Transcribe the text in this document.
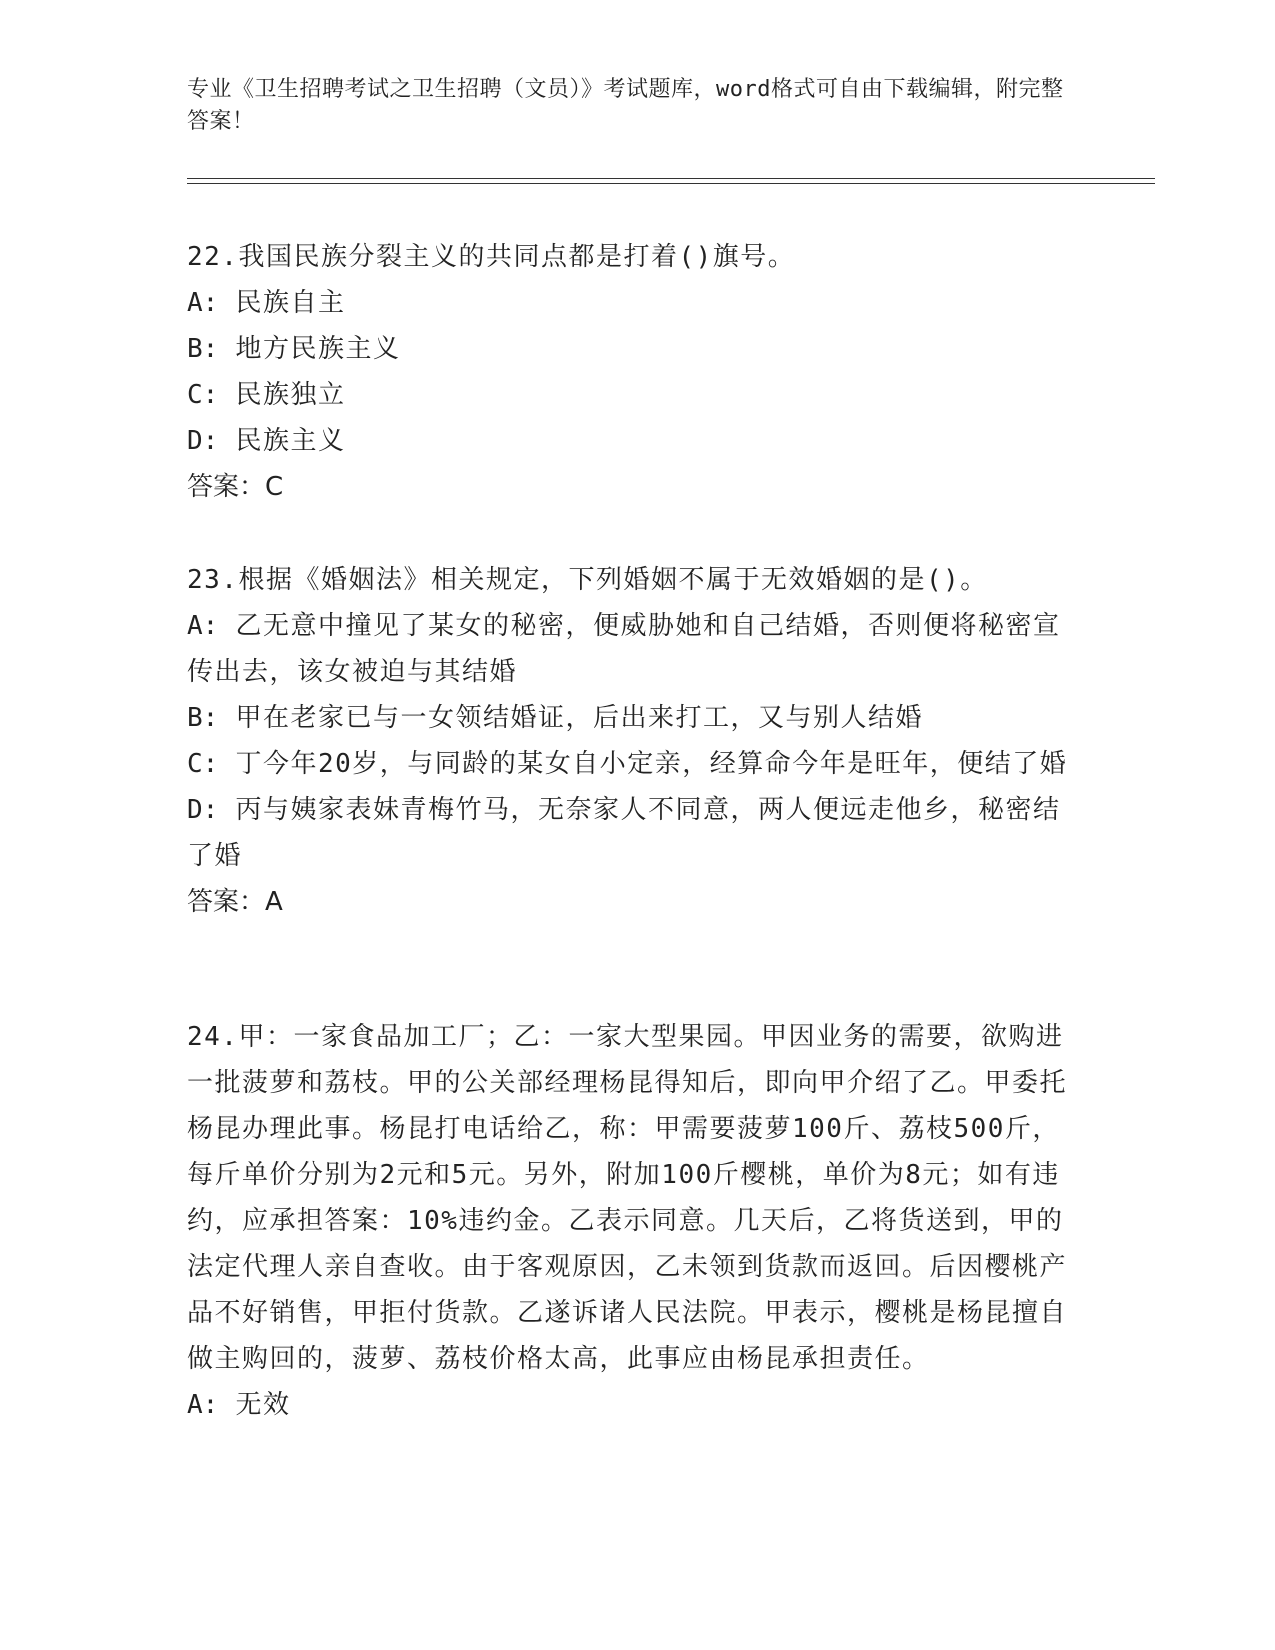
专业《卫生招聘考试之卫生招聘（文员）》考试题库，word格式可自由下载编辑，附完整答案！
22.我国民族分裂主义的共同点都是打着()旗号。
A: 民族自主
B: 地方民族主义
C: 民族独立
D: 民族主义
答案：C
23.根据《婚姻法》相关规定，下列婚姻不属于无效婚姻的是()。
A: 乙无意中撞见了某女的秘密，便威胁她和自己结婚，否则便将秘密宣传出去，该女被迫与其结婚
B: 甲在老家已与一女领结婚证，后出来打工，又与别人结婚
C: 丁今年20岁，与同龄的某女自小定亲，经算命今年是旺年，便结了婚
D: 丙与姨家表妹青梅竹马，无奈家人不同意，两人便远走他乡，秘密结了婚
答案：A
24.甲：一家食品加工厂；乙：一家大型果园。甲因业务的需要，欲购进一批菠萝和荔枝。甲的公关部经理杨昆得知后，即向甲介绍了乙。甲委托杨昆办理此事。杨昆打电话给乙，称：甲需要菠萝100斤、荔枝500斤，每斤单价分别为2元和5元。另外，附加100斤樱桃，单价为8元；如有违约，应承担答案：10%违约金。乙表示同意。几天后，乙将货送到，甲的法定代理人亲自查收。由于客观原因，乙未领到货款而返回。后因樱桃产品不好销售，甲拒付货款。乙遂诉诸人民法院。甲表示，樱桃是杨昆擅自做主购回的，菠萝、荔枝价格太高，此事应由杨昆承担责任。
A: 无效
